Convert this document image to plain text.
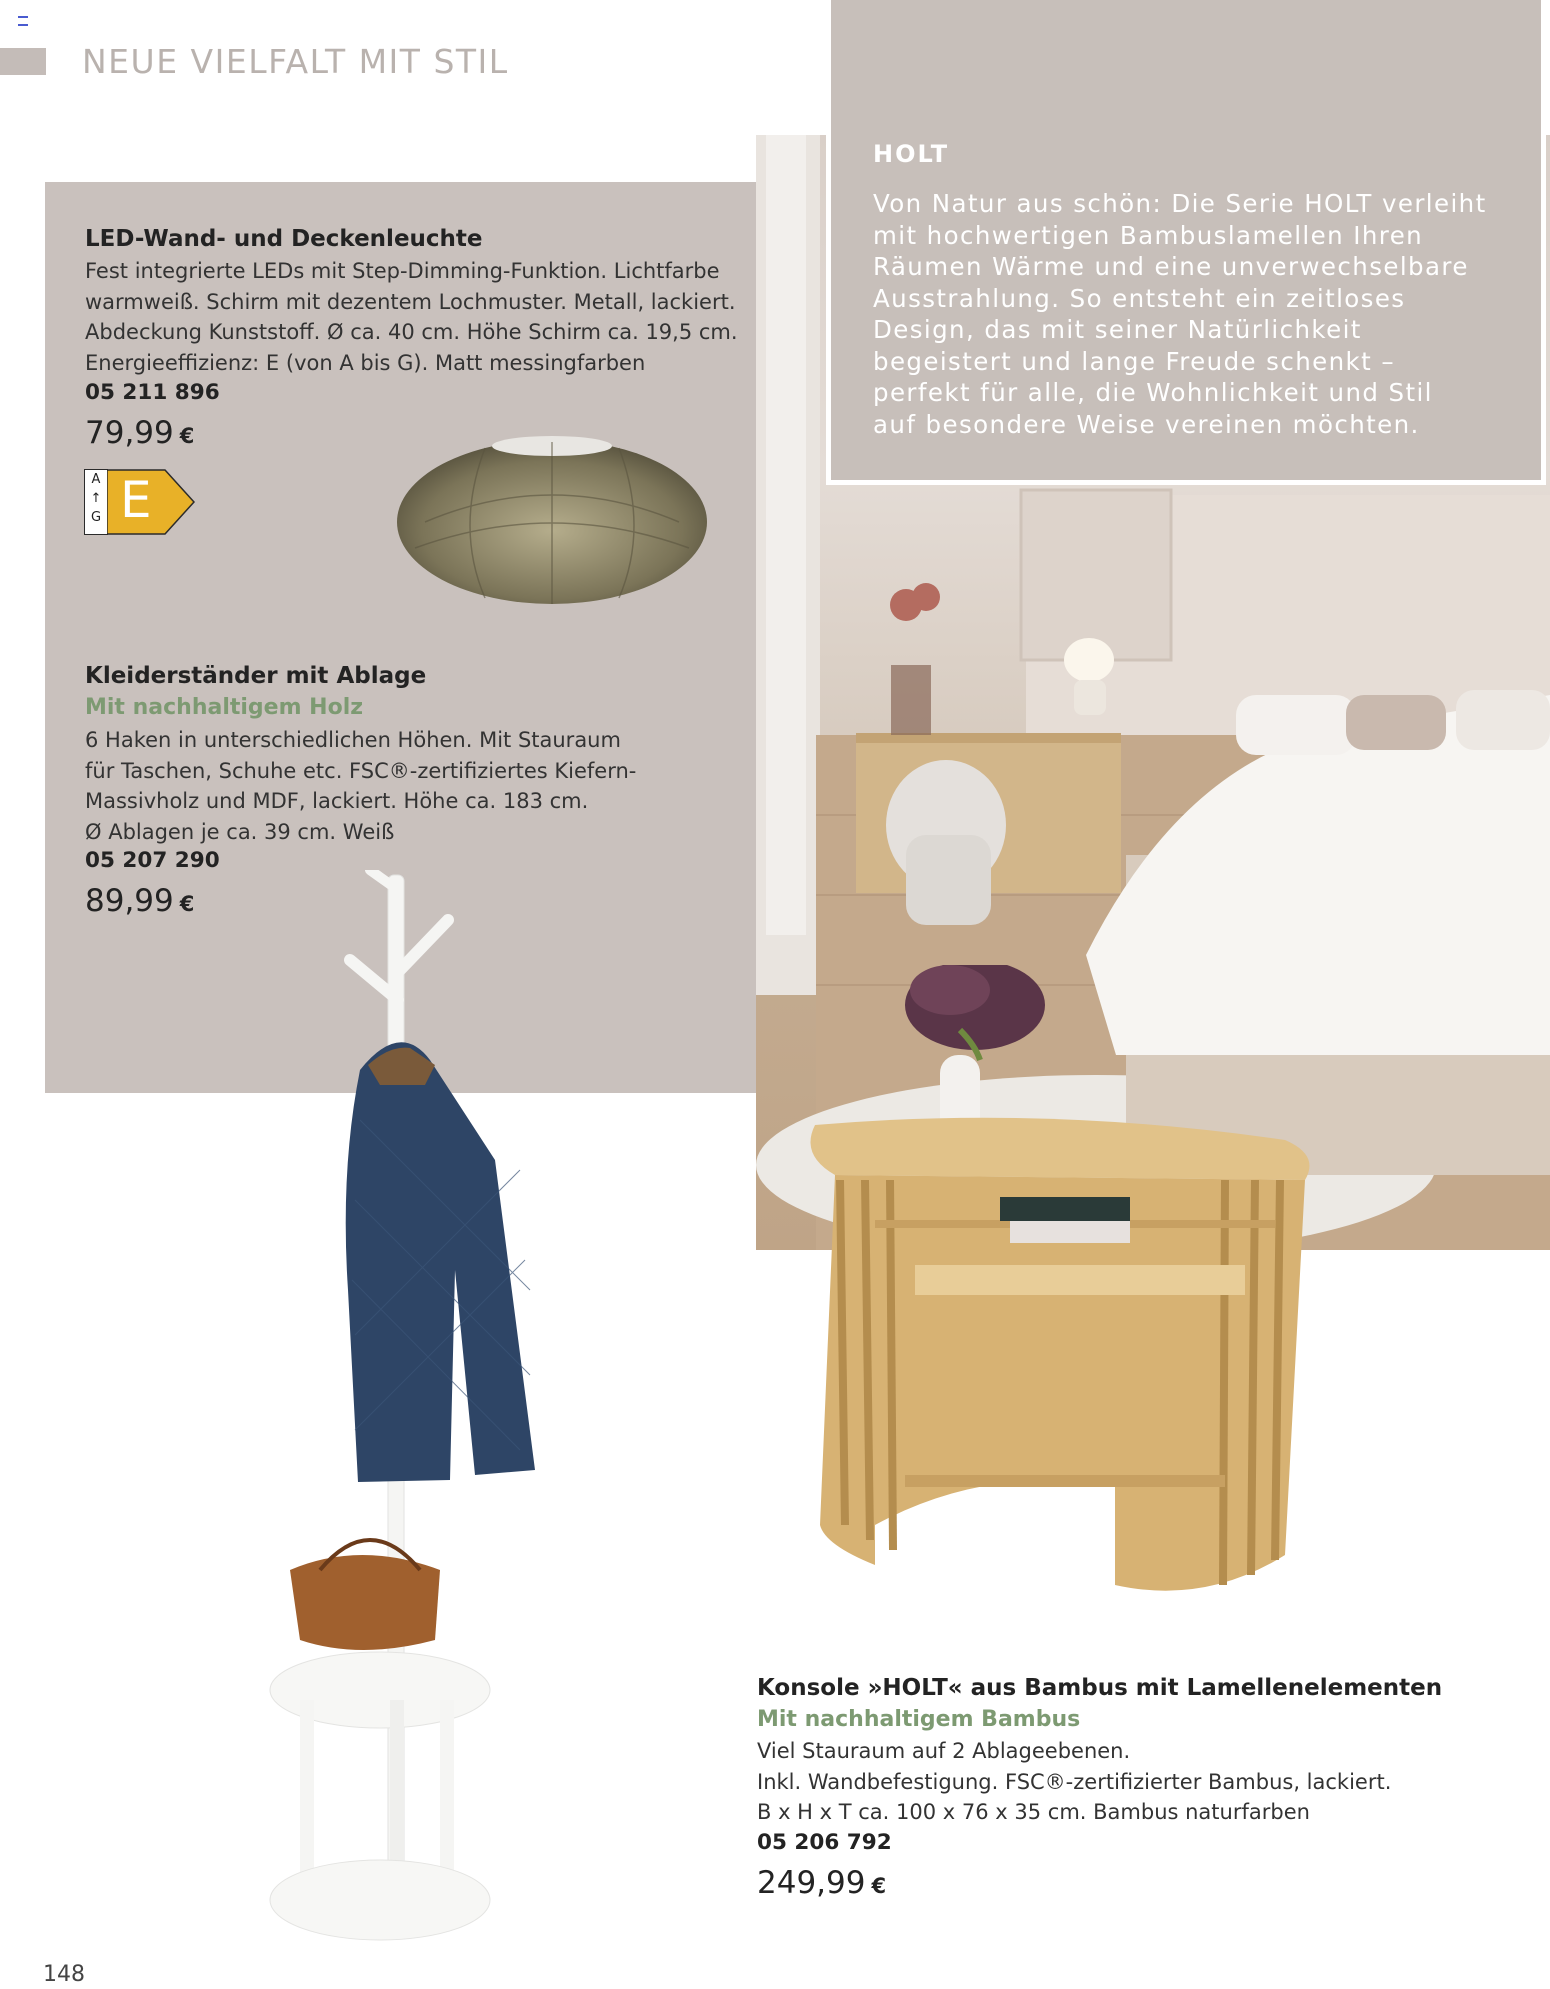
NEUE VIELFALT MIT STIL
HOLT
Von Natur aus schön: Die Serie HOLT verleiht
mit hochwertigen Bambuslamellen Ihren
Räumen Wärme und eine unverwechselbare
Ausstrahlung. So entsteht ein zeitloses
Design, das mit seiner Natürlichkeit
begeistert und lange Freude schenkt –
perfekt für alle, die Wohnlichkeit und Stil
auf besondere Weise vereinen möchten.
LED-Wand- und Deckenleuchte
Fest integrierte LEDs mit Step-Dimming-Funktion. Lichtfarbe
warmweiß. Schirm mit dezentem Lochmuster. Metall, lackiert.
Abdeckung Kunststoff. Ø ca. 40 cm. Höhe Schirm ca. 19,5 cm.
Energieeffizienz: E (von A bis G). Matt messingfarben
05 211 896
79,99 €
A
↑
G E
Kleiderständer mit Ablage
Mit nachhaltigem Holz
6 Haken in unterschiedlichen Höhen. Mit Stauraum
für Taschen, Schuhe etc. FSC®-zertifiziertes Kiefern-
Massivholz und MDF, lackiert. Höhe ca. 183 cm.
Ø Ablagen je ca. 39 cm. Weiß
05 207 290
89,99 €
Konsole »HOLT« aus Bambus mit Lamellenelementen
Mit nachhaltigem Bambus
Viel Stauraum auf 2 Ablageebenen.
Inkl. Wandbefestigung. FSC®-zertifizierter Bambus, lackiert.
B x H x T ca. 100 x 76 x 35 cm. Bambus naturfarben
05 206 792
249,99 €
148
